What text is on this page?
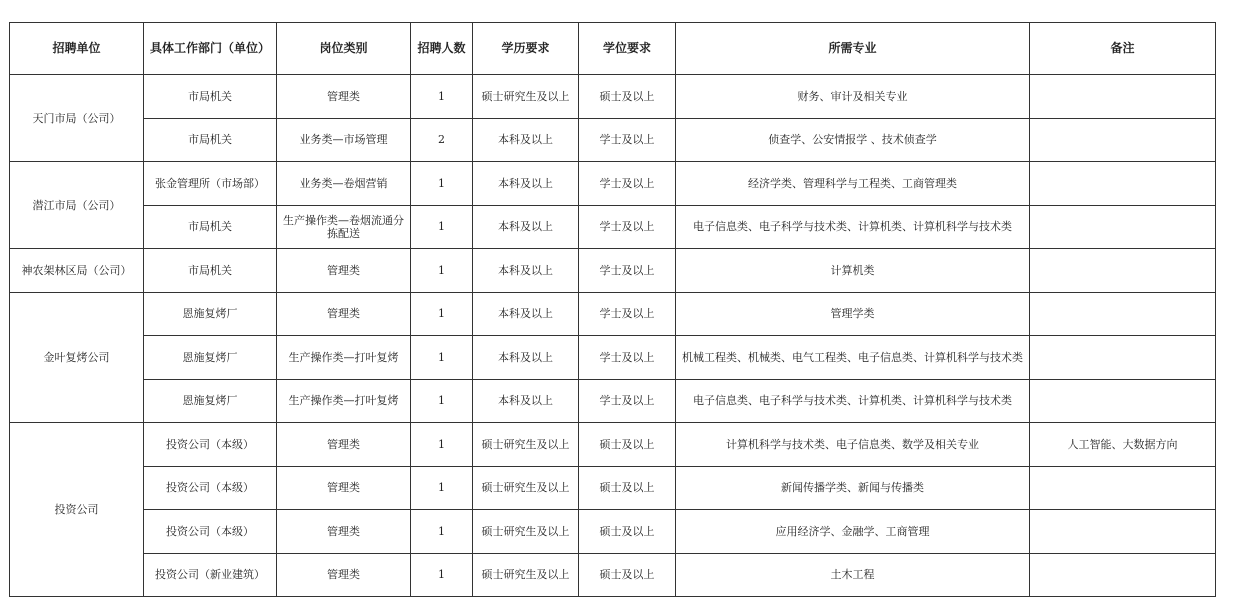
招聘单位	具体工作部门（单位）	岗位类别	招聘人数	学历要求	学位要求	所需专业	备注
天门市局（公司）	市局机关	管理类	1	硕士研究生及以上	硕士及以上	财务、审计及相关专业	
	市局机关	业务类—市场管理	2	本科及以上	学士及以上	侦查学、公安情报学 、技术侦查学	
潜江市局（公司）	张金管理所（市场部）	业务类—卷烟营销	1	本科及以上	学士及以上	经济学类、管理科学与工程类、工商管理类	
	市局机关	生产操作类—卷烟流通分拣配送	1	本科及以上	学士及以上	电子信息类、电子科学与技术类、计算机类、计算机科学与技术类	
神农架林区局（公司）	市局机关	管理类	1	本科及以上	学士及以上	计算机类	
金叶复烤公司	恩施复烤厂	管理类	1	本科及以上	学士及以上	管理学类	
	恩施复烤厂	生产操作类—打叶复烤	1	本科及以上	学士及以上	机械工程类、机械类、电气工程类、电子信息类、计算机科学与技术类	
	恩施复烤厂	生产操作类—打叶复烤	1	本科及以上	学士及以上	电子信息类、电子科学与技术类、计算机类、计算机科学与技术类	
投资公司	投资公司（本级）	管理类	1	硕士研究生及以上	硕士及以上	计算机科学与技术类、电子信息类、数学及相关专业	人工智能、大数据方向
	投资公司（本级）	管理类	1	硕士研究生及以上	硕士及以上	新闻传播学类、新闻与传播类	
	投资公司（本级）	管理类	1	硕士研究生及以上	硕士及以上	应用经济学、金融学、工商管理	
	投资公司（新业建筑）	管理类	1	硕士研究生及以上	硕士及以上	土木工程	
